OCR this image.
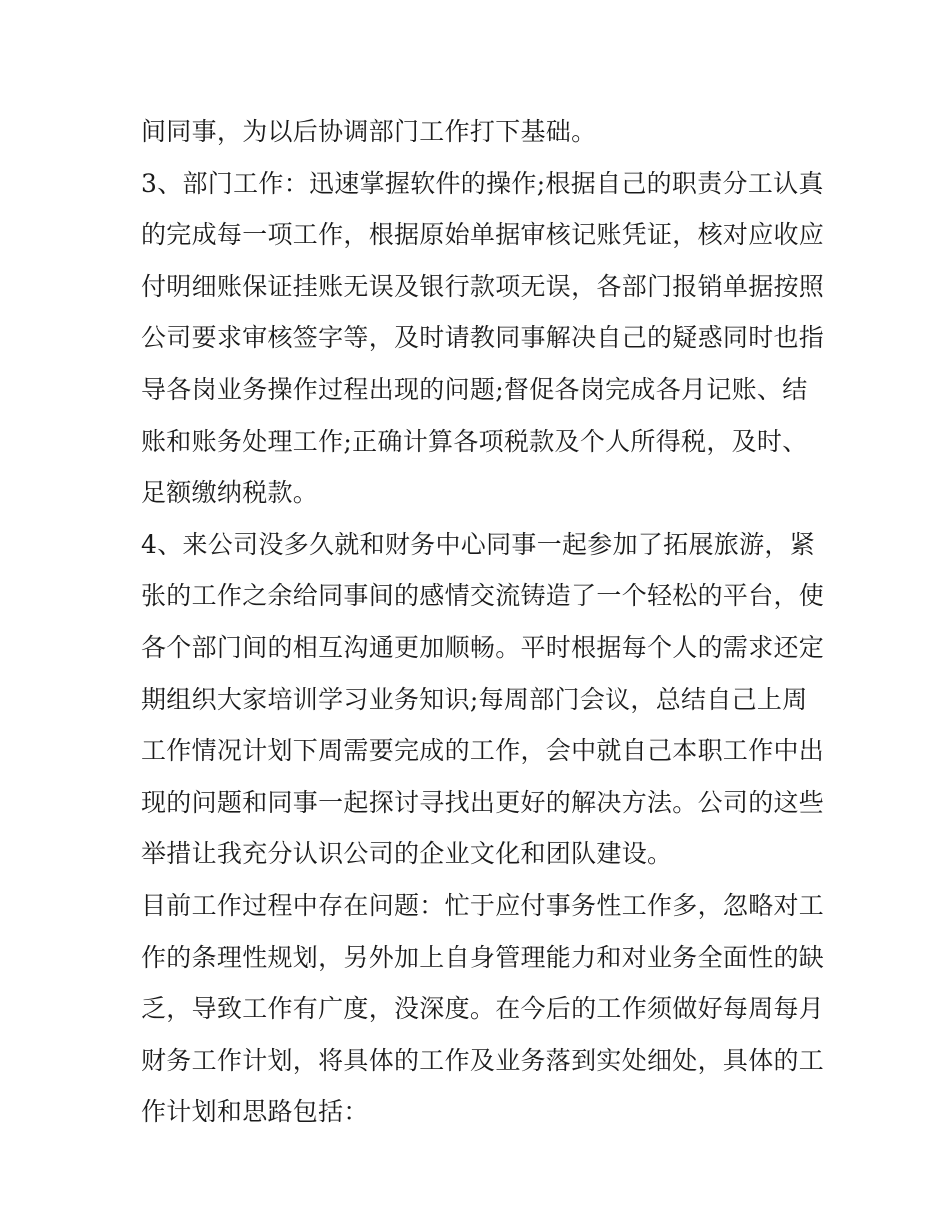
间同事，为以后协调部门工作打下基础。
3、部门工作：迅速掌握软件的操作;根据自己的职责分工认真
的完成每一项工作，根据原始单据审核记账凭证，核对应收应
付明细账保证挂账无误及银行款项无误，各部门报销单据按照
公司要求审核签字等，及时请教同事解决自己的疑惑同时也指
导各岗业务操作过程出现的问题;督促各岗完成各月记账、结
账和账务处理工作;正确计算各项税款及个人所得税，及时、
足额缴纳税款。
4、来公司没多久就和财务中心同事一起参加了拓展旅游，紧
张的工作之余给同事间的感情交流铸造了一个轻松的平台，使
各个部门间的相互沟通更加顺畅。平时根据每个人的需求还定
期组织大家培训学习业务知识;每周部门会议，总结自己上周
工作情况计划下周需要完成的工作，会中就自己本职工作中出
现的问题和同事一起探讨寻找出更好的解决方法。公司的这些
举措让我充分认识公司的企业文化和团队建设。
目前工作过程中存在问题：忙于应付事务性工作多，忽略对工
作的条理性规划，另外加上自身管理能力和对业务全面性的缺
乏，导致工作有广度，没深度。在今后的工作须做好每周每月
财务工作计划，将具体的工作及业务落到实处细处，具体的工
作计划和思路包括：
